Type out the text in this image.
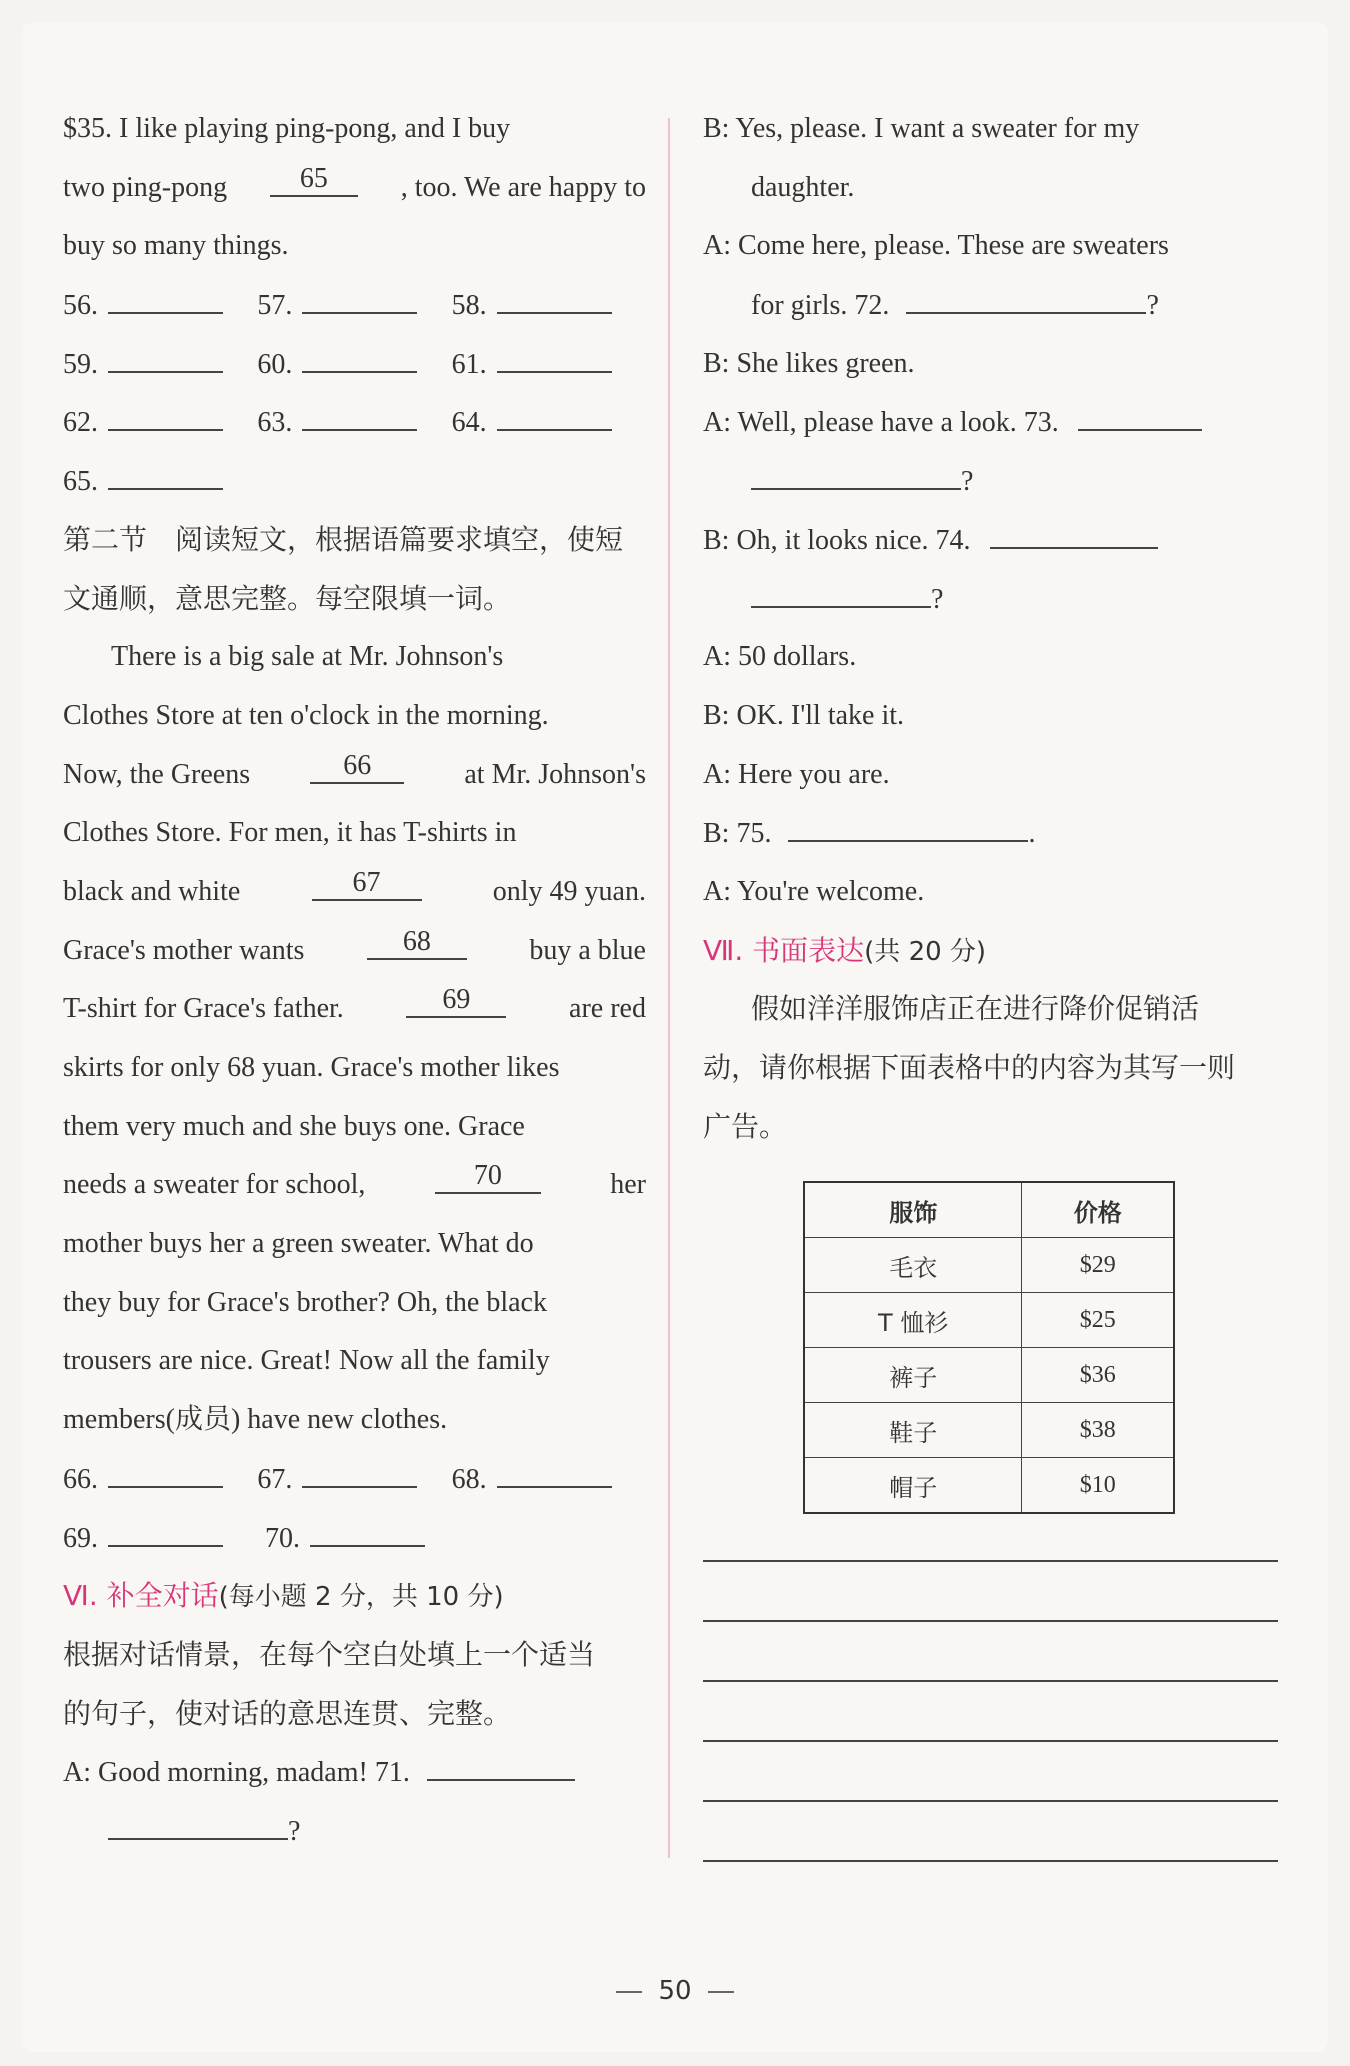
$35. I like playing ping-pong, and I buy
two ping-pong	65	, too. We are happy to
buy so many things.
56.	57.	58.
59.	60.	61.
62.	63.	64.
65.
第二节　阅读短文，根据语篇要求填空，使短
文通顺，意思完整。每空限填一词。
There is a big sale at Mr. Johnson's
Clothes Store at ten o'clock in the morning.
Now, the Greens	66	at Mr. Johnson's
Clothes Store. For men, it has T-shirts in
black and white	67	only 49 yuan.
Grace's mother wants	68	buy a blue
T-shirt for Grace's father.	69	are red
skirts for only 68 yuan. Grace's mother likes
them very much and she buys one. Grace
needs a sweater for school,	70	her
mother buys her a green sweater. What do
they buy for Grace's brother? Oh, the black
trousers are nice. Great! Now all the family
members(成员) have new clothes.
66.	67.	68.
69.	70.
Ⅵ. 补全对话(每小题 2 分，共 10 分)
根据对话情景，在每个空白处填上一个适当
的句子，使对话的意思连贯、完整。
A: Good morning, madam! 71.
?
B: Yes, please. I want a sweater for my
daughter.
A: Come here, please. These are sweaters
for girls. 72.	?
B: She likes green.
A: Well, please have a look. 73.
?
B: Oh, it looks nice. 74.
?
A: 50 dollars.
B: OK. I'll take it.
A: Here you are.
B: 75.	.
A: You're welcome.
Ⅶ. 书面表达(共 20 分)
假如洋洋服饰店正在进行降价促销活
动，请你根据下面表格中的内容为其写一则
广告。
服饰	价格
毛衣	$29
T 恤衫	$25
裤子	$36
鞋子	$38
帽子	$10
50
